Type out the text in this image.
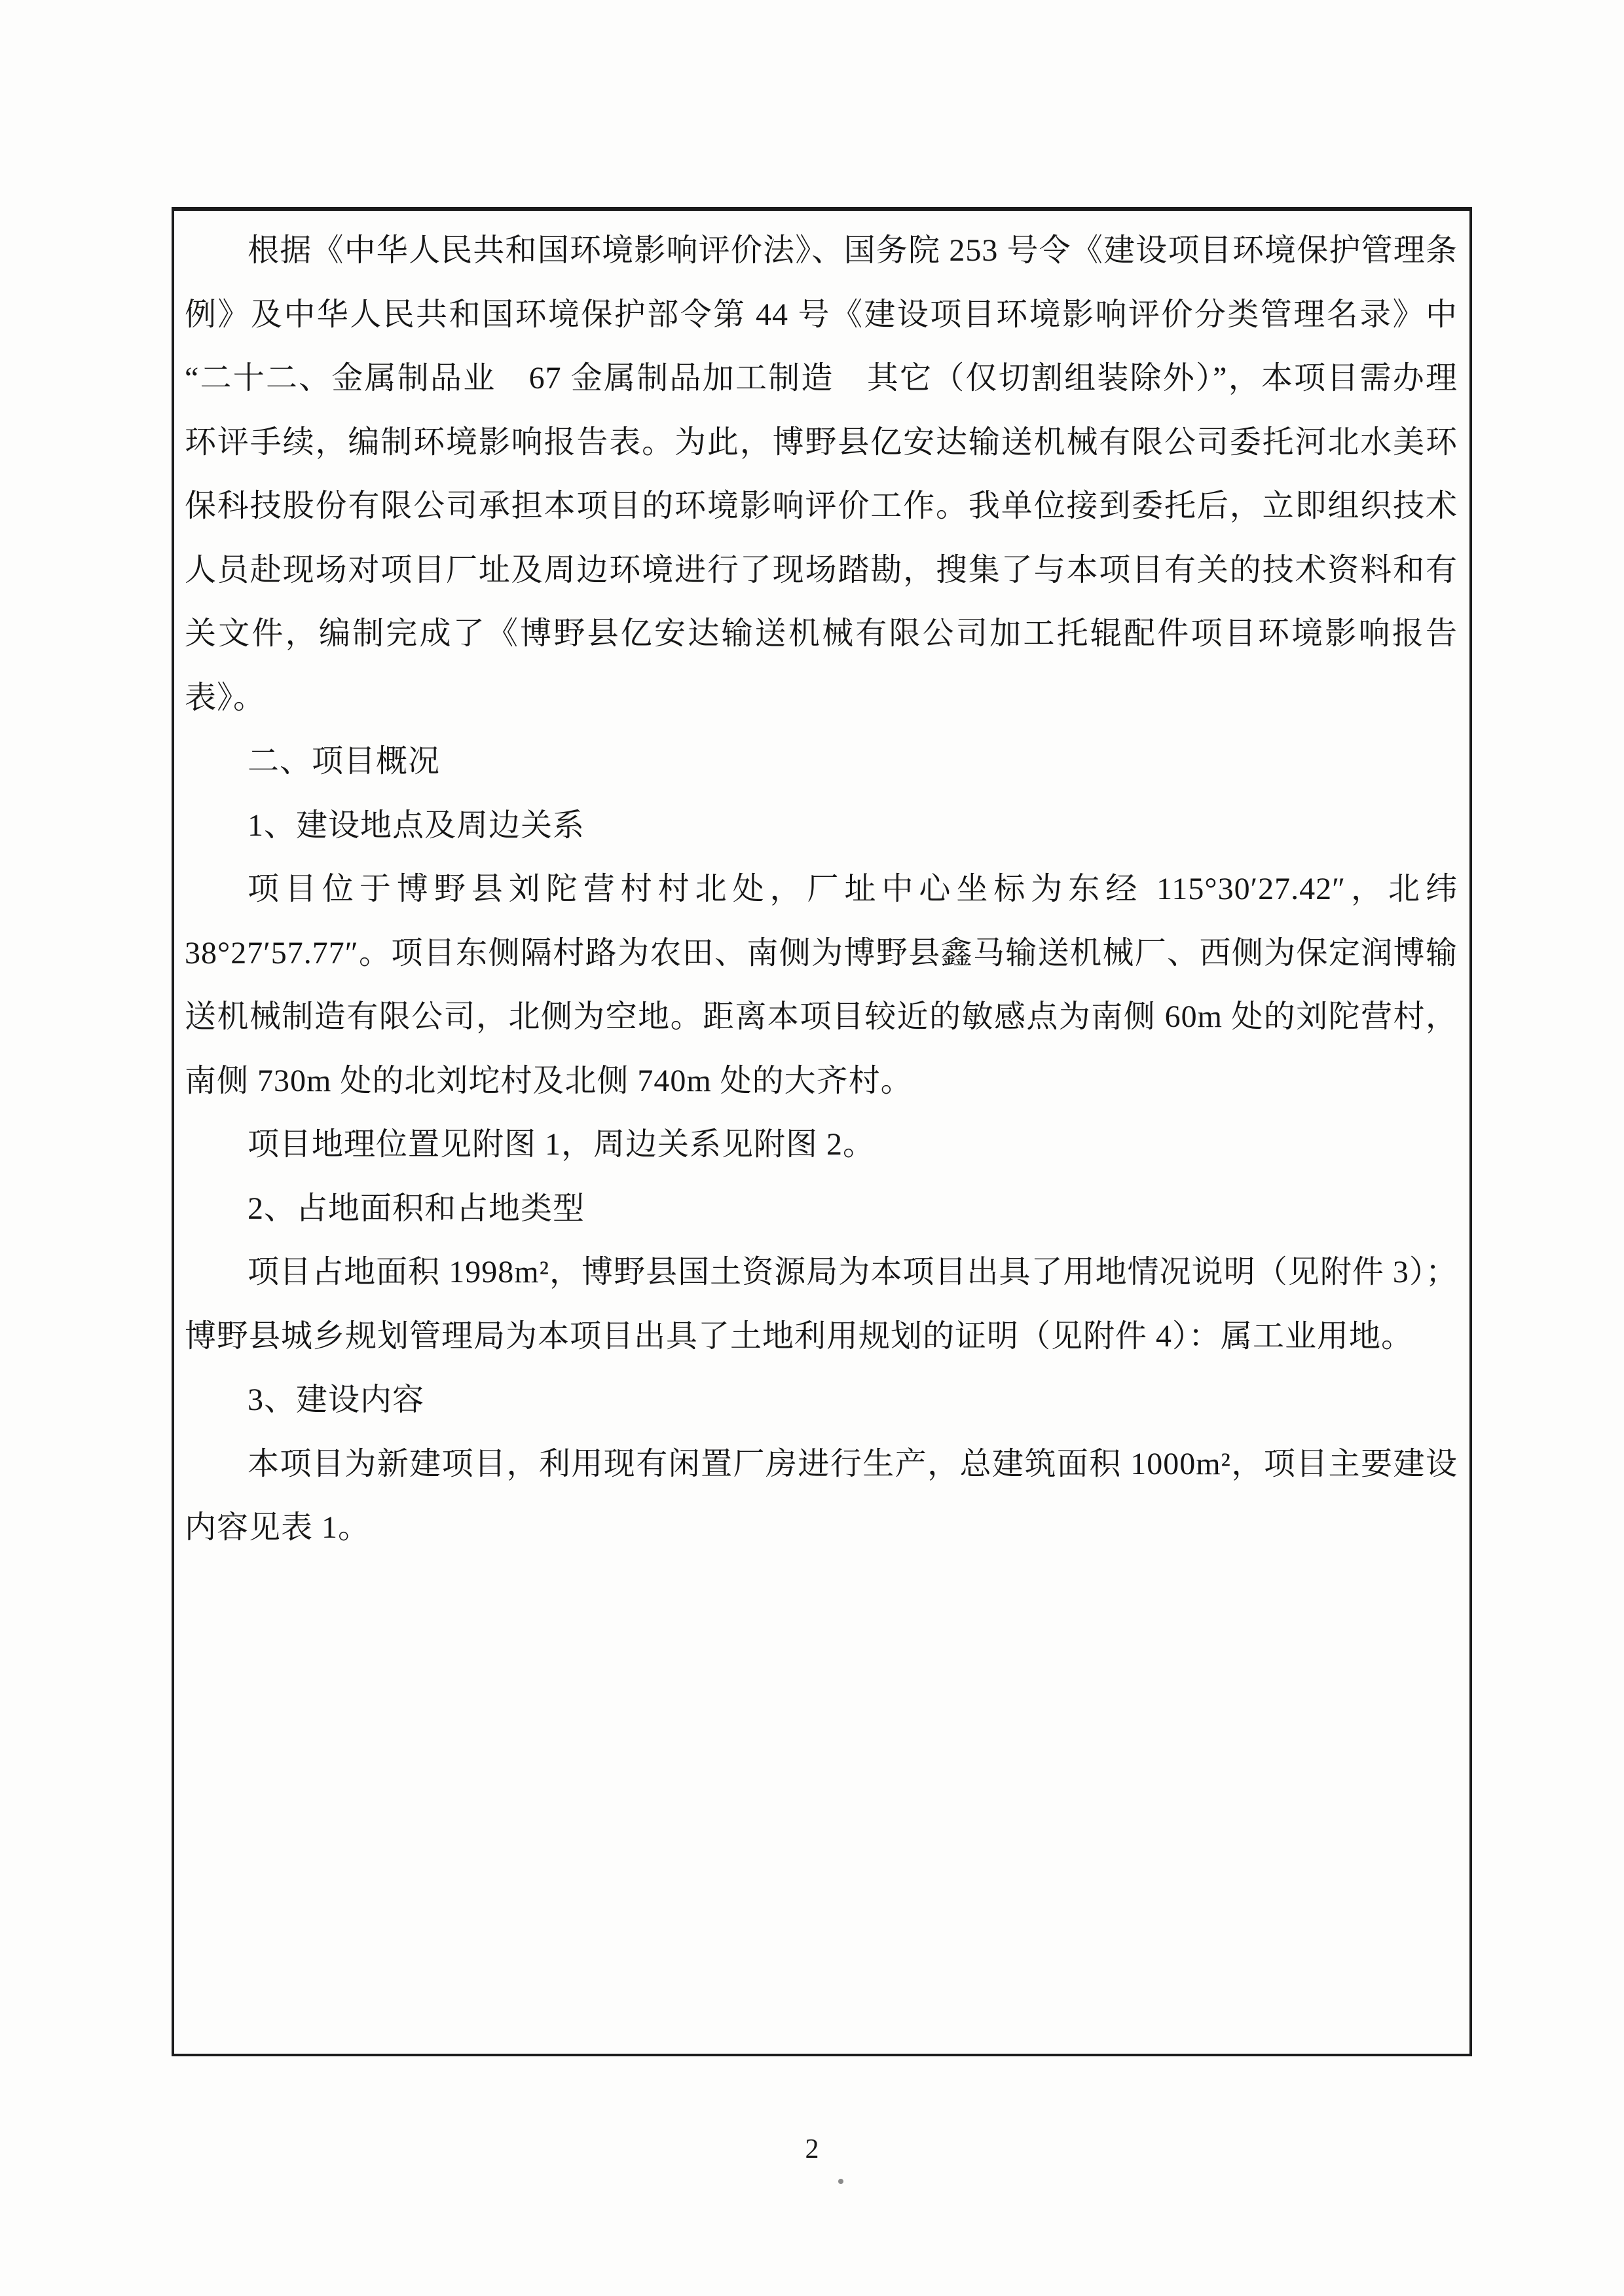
根据《中华人民共和国环境影响评价法》、国务院 253 号令《建设项目环境保护管理条例》及中华人民共和国环境保护部令第 44 号《建设项目环境影响评价分类管理名录》中“二十二、金属制品业　67 金属制品加工制造　其它（仅切割组装除外）”，本项目需办理环评手续，编制环境影响报告表。为此，博野县亿安达输送机械有限公司委托河北水美环保科技股份有限公司承担本项目的环境影响评价工作。我单位接到委托后，立即组织技术人员赴现场对项目厂址及周边环境进行了现场踏勘，搜集了与本项目有关的技术资料和有关文件，编制完成了《博野县亿安达输送机械有限公司加工托辊配件项目环境影响报告表》。

二、项目概况

1、建设地点及周边关系

项目位于博野县刘陀营村村北处，厂址中心坐标为东经 115°30′27.42″，北纬 38°27′57.77″。项目东侧隔村路为农田、南侧为博野县鑫马输送机械厂、西侧为保定润博输送机械制造有限公司，北侧为空地。距离本项目较近的敏感点为南侧 60m 处的刘陀营村，南侧 730m 处的北刘坨村及北侧 740m 处的大齐村。

项目地理位置见附图 1，周边关系见附图 2。

2、占地面积和占地类型

项目占地面积 1998m²，博野县国土资源局为本项目出具了用地情况说明（见附件 3）；博野县城乡规划管理局为本项目出具了土地利用规划的证明（见附件 4）：属工业用地。

3、建设内容

本项目为新建项目，利用现有闲置厂房进行生产，总建筑面积 1000m²，项目主要建设内容见表 1。

2
